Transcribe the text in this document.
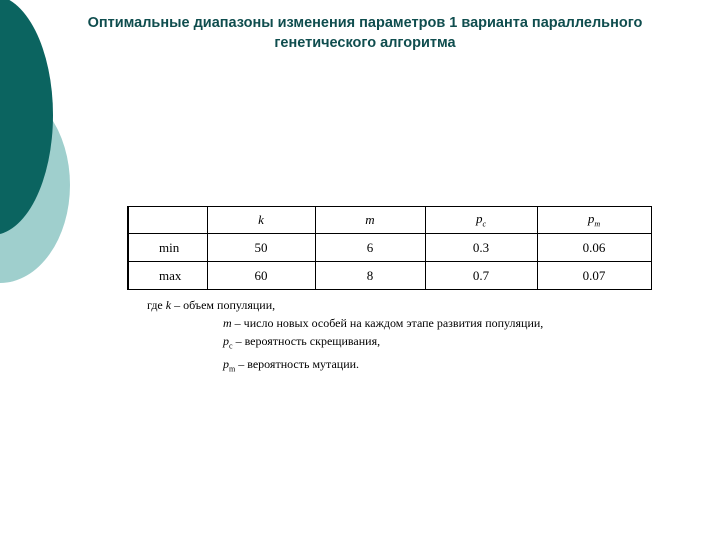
Оптимальные диапазоны изменения параметров 1 варианта параллельного
генетического алгоритма
	k	m	$p_c$	$p_m$
min	50	6	0.3	0.06
max	60	8	0.7	0.07
где k – объем популяции,
m – число новых особей на каждом этапе развития популяции,
$p_c$ – вероятность скрещивания,
$p_m$ – вероятность мутации.
